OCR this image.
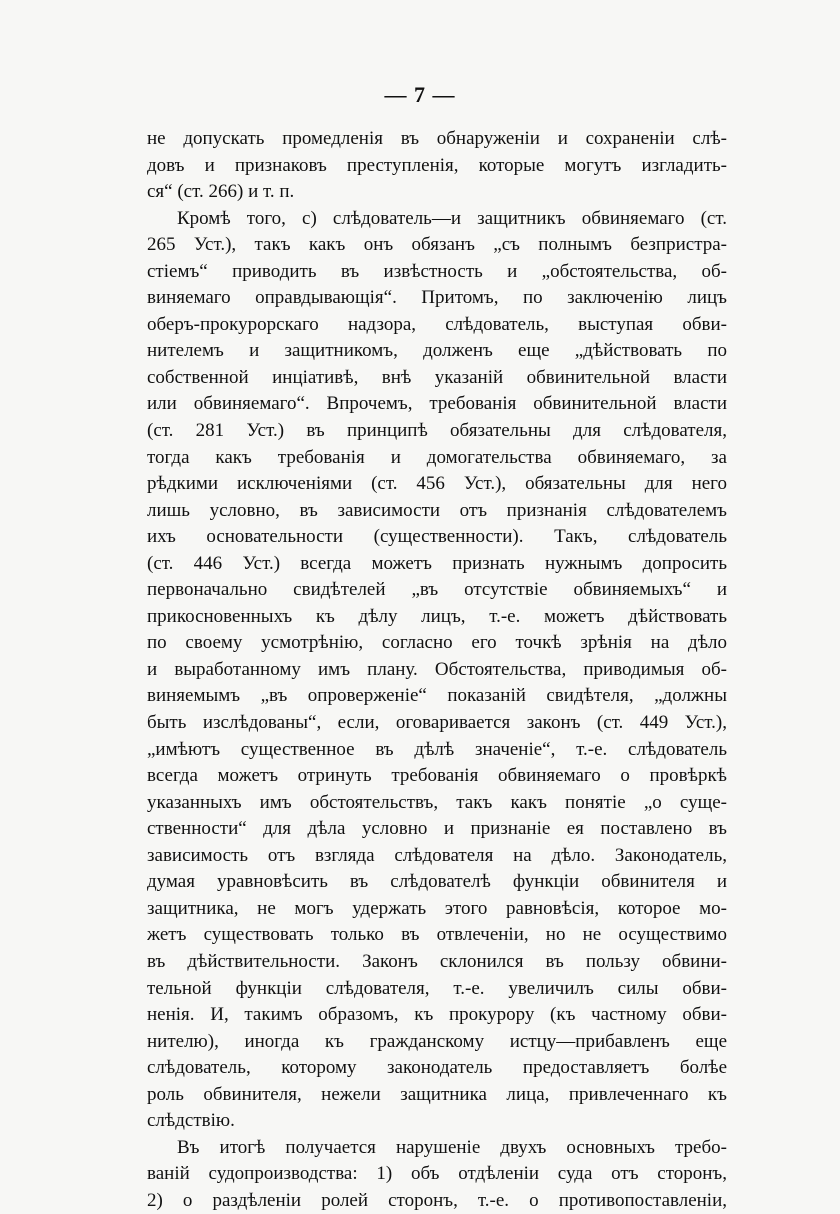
— 7 —
не допускать промедленія въ обнаруженіи и сохраненіи слѣ-
довъ и признаковъ преступленія, которые могутъ изгладить-
ся“ (ст. 266) и т. п.
Кромѣ того, с) слѣдователь—и защитникъ обвиняемаго (ст.
265 Уст.), такъ какъ онъ обязанъ „съ полнымъ безпристра-
стіемъ“ приводить въ извѣстность и „обстоятельства, об-
виняемаго оправдывающія“. Притомъ, по заключенію лицъ
оберъ-прокурорскаго надзора, слѣдователь, выступая обви-
нителемъ и защитникомъ, долженъ еще „дѣйствовать по
собственной инціативѣ, внѣ указаній обвинительной власти
или обвиняемаго“. Впрочемъ, требованія обвинительной власти
(ст. 281 Уст.) въ принципѣ обязательны для слѣдователя,
тогда какъ требованія и домогательства обвиняемаго, за
рѣдкими исключеніями (ст. 456 Уст.), обязательны для него
лишь условно, въ зависимости отъ признанія слѣдователемъ
ихъ основательности (существенности). Такъ, слѣдователь
(ст. 446 Уст.) всегда можетъ признать нужнымъ допросить
первоначально свидѣтелей „въ отсутствіе обвиняемыхъ“ и
прикосновенныхъ къ дѣлу лицъ, т.-е. можетъ дѣйствовать
по своему усмотрѣнію, согласно его точкѣ зрѣнія на дѣло
и выработанному имъ плану. Обстоятельства, приводимыя об-
виняемымъ „въ опроверженіе“ показаній свидѣтеля, „должны
быть изслѣдованы“, если, оговаривается законъ (ст. 449 Уст.),
„имѣютъ существенное въ дѣлѣ значеніе“, т.-е. слѣдователь
всегда можетъ отринуть требованія обвиняемаго о провѣркѣ
указанныхъ имъ обстоятельствъ, такъ какъ понятіе „о суще-
ственности“ для дѣла условно и признаніе ея поставлено въ
зависимость отъ взгляда слѣдователя на дѣло. Законодатель,
думая уравновѣсить въ слѣдователѣ функціи обвинителя и
защитника, не могъ удержать этого равновѣсія, которое мо-
жетъ существовать только въ отвлеченіи, но не осуществимо
въ дѣйствительности. Законъ склонился въ пользу обвини-
тельной функціи слѣдователя, т.-е. увеличилъ силы обви-
ненія. И, такимъ образомъ, къ прокурору (къ частному обви-
нителю), иногда къ гражданскому истцу—прибавленъ еще
слѣдователь, которому законодатель предоставляетъ болѣе
роль обвинителя, нежели защитника лица, привлеченнаго къ
слѣдствію.
Въ итогѣ получается нарушеніе двухъ основныхъ требо-
ваній судопроизводства: 1) объ отдѣленіи суда отъ сторонъ,
2) о раздѣленіи ролей сторонъ, т.-е. о противопоставленіи,
